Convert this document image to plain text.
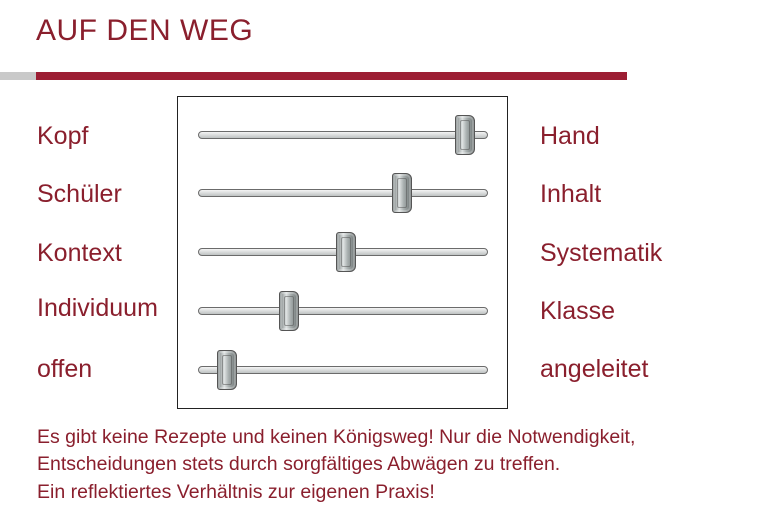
AUF DEN WEG
Kopf
Schüler
Kontext
Individuum
offen
Hand
Inhalt
Systematik
Klasse
angeleitet
Es gibt keine Rezepte und keinen Königsweg! Nur die Notwendigkeit,
Entscheidungen stets durch sorgfältiges Abwägen zu treffen.
Ein reflektiertes Verhältnis zur eigenen Praxis!
